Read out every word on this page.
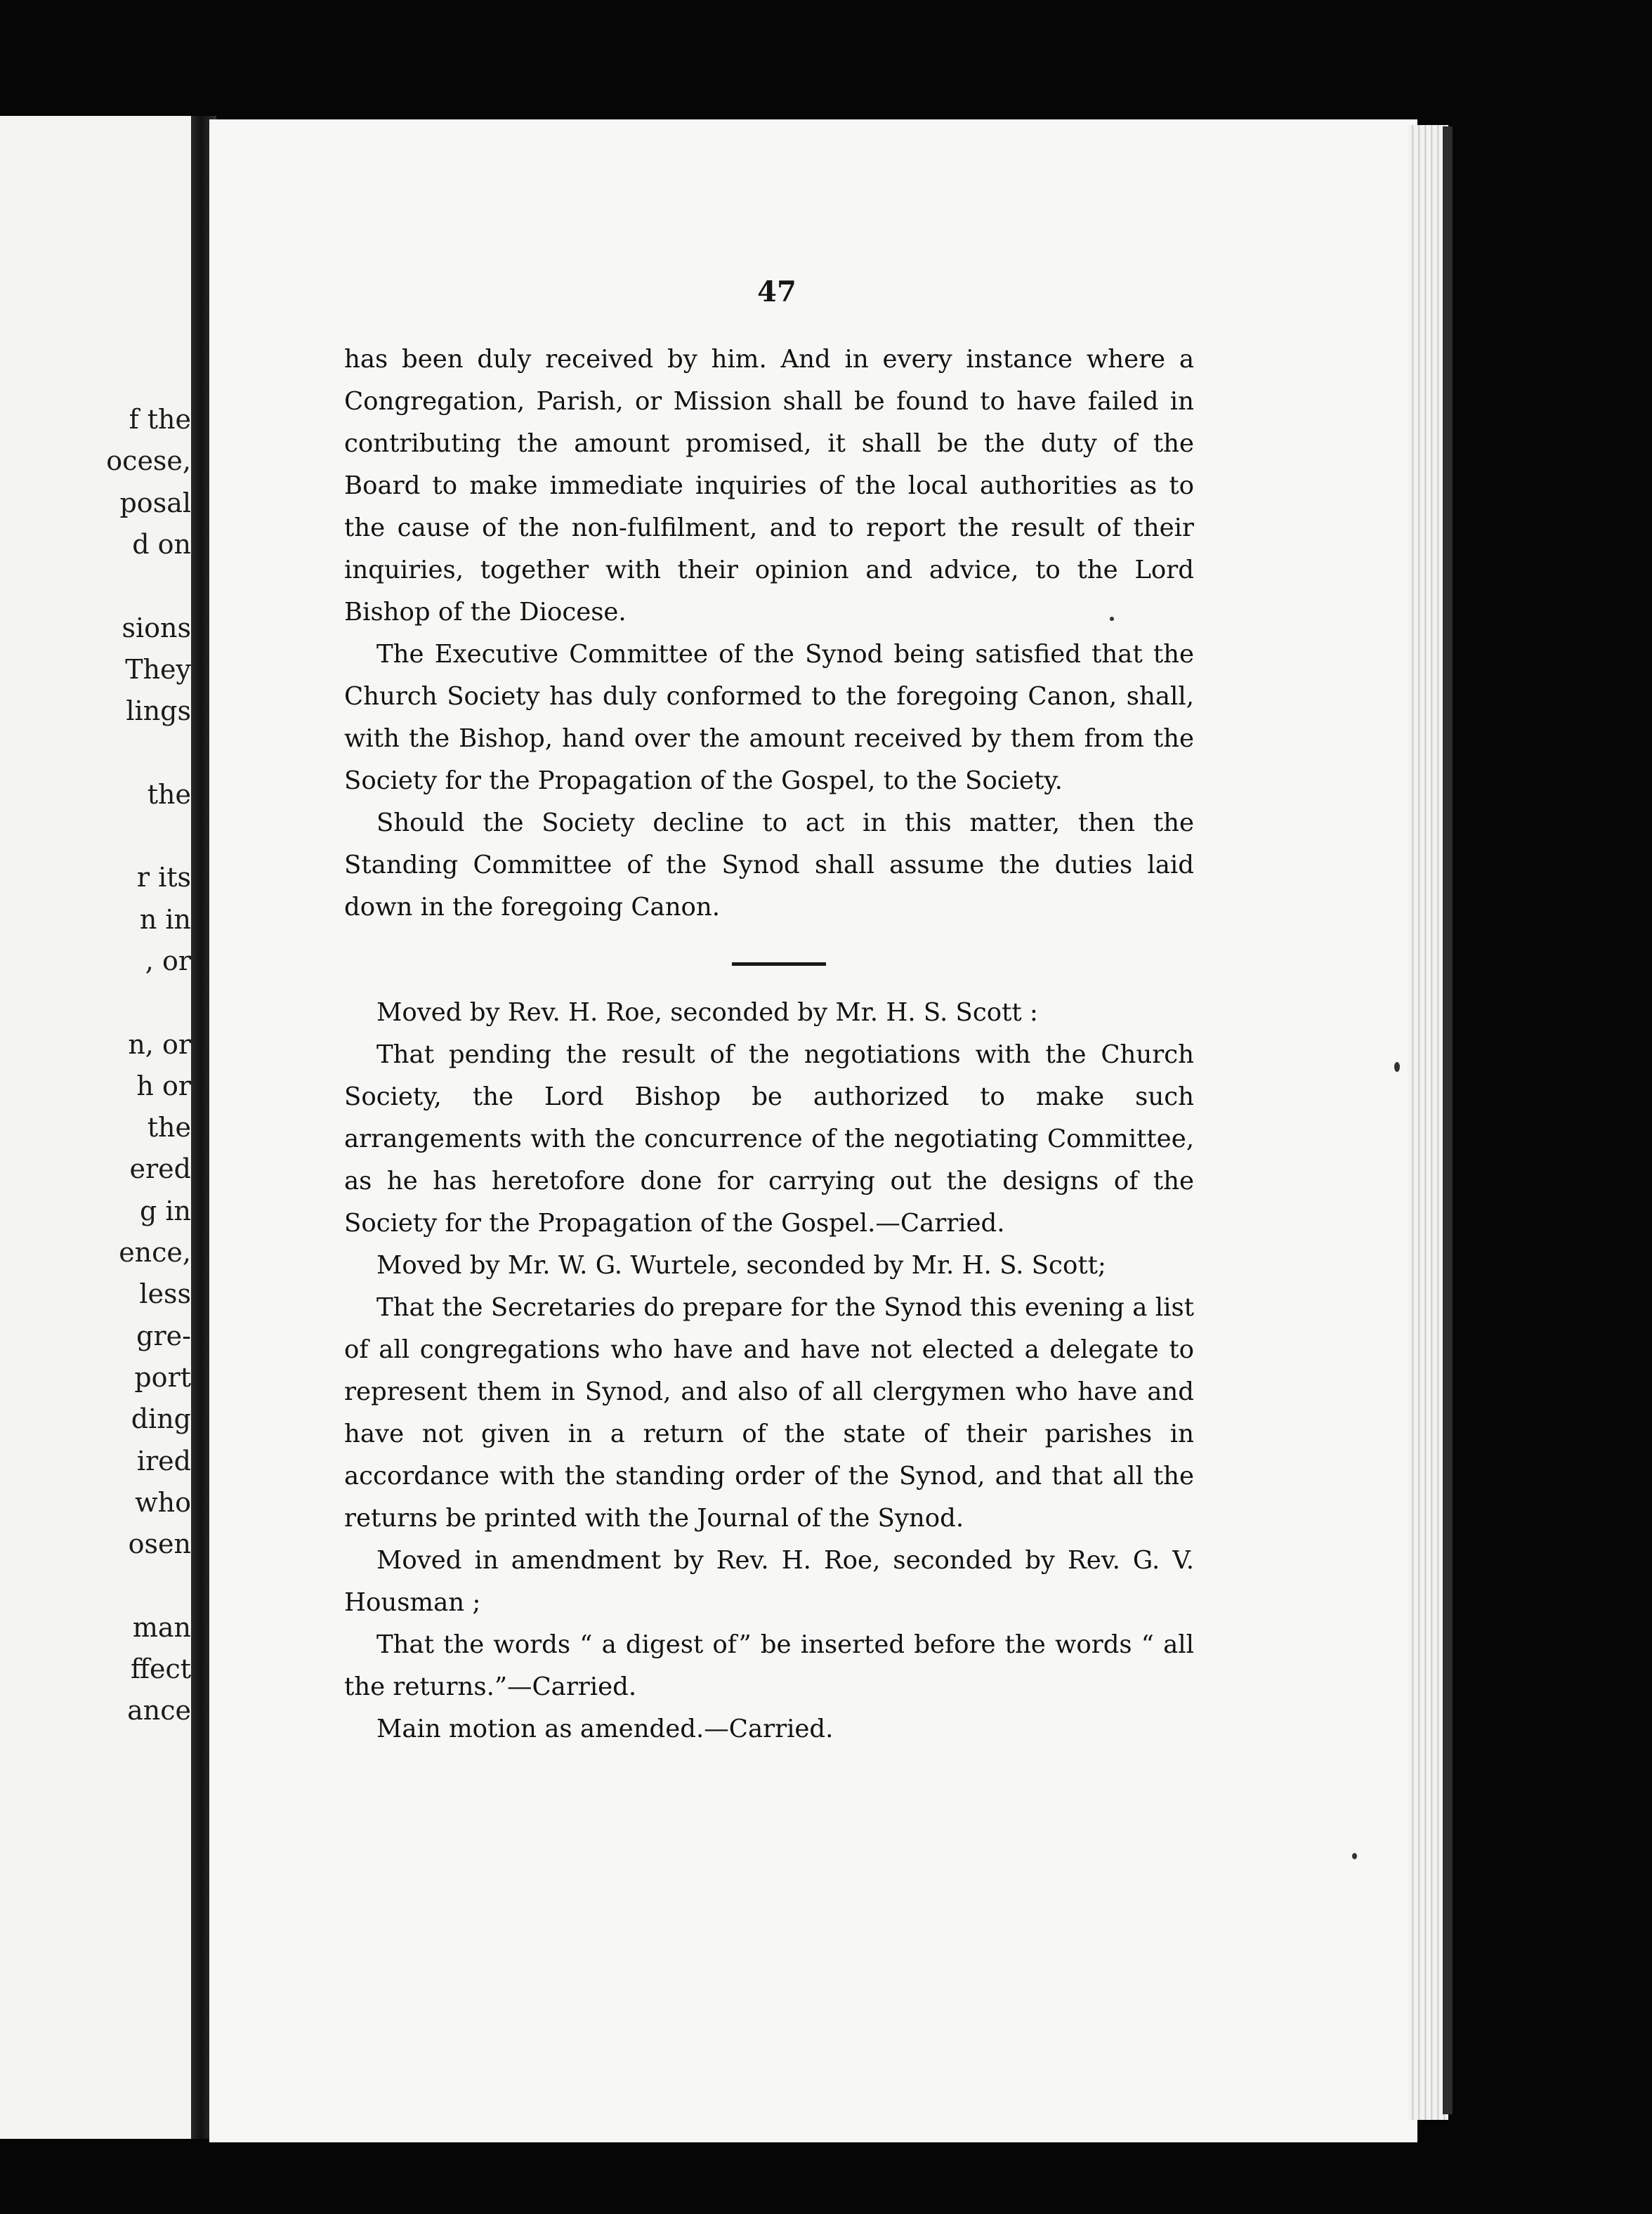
f the
ocese,
posal
d on
sions
They
lings
the
r its
n in
, or
n, or
h or
the
ered
g in
ence,
less
gre-
port
ding
ired
who
osen
man
ffect
ance
47

has been duly received by him. And in every instance where a Congregation, Parish, or Mission shall be found to have failed in contributing the amount promised, it shall be the duty of the Board to make immediate inquiries of the local authorities as to the cause of the non-fulfilment, and to report the result of their inquiries, together with their opinion and advice, to the Lord Bishop of the Diocese.

The Executive Committee of the Synod being satisfied that the Church Society has duly conformed to the foregoing Canon, shall, with the Bishop, hand over the amount received by them from the Society for the Propagation of the Gospel, to the Society.

Should the Society decline to act in this matter, then the Standing Committee of the Synod shall assume the duties laid down in the foregoing Canon.

Moved by Rev. H. Roe, seconded by Mr. H. S. Scott :

That pending the result of the negotiations with the Church Society, the Lord Bishop be authorized to make such arrangements with the concurrence of the negotiating Committee, as he has heretofore done for carrying out the designs of the Society for the Propagation of the Gospel.—Carried.

Moved by Mr. W. G. Wurtele, seconded by Mr. H. S. Scott;

That the Secretaries do prepare for the Synod this evening a list of all congregations who have and have not elected a delegate to represent them in Synod, and also of all clergymen who have and have not given in a return of the state of their parishes in accordance with the standing order of the Synod, and that all the returns be printed with the Journal of the Synod.

Moved in amendment by Rev. H. Roe, seconded by Rev. G. V. Housman ;

That the words “ a digest of” be inserted before the words “ all the returns.”—Carried.

Main motion as amended.—Carried.
